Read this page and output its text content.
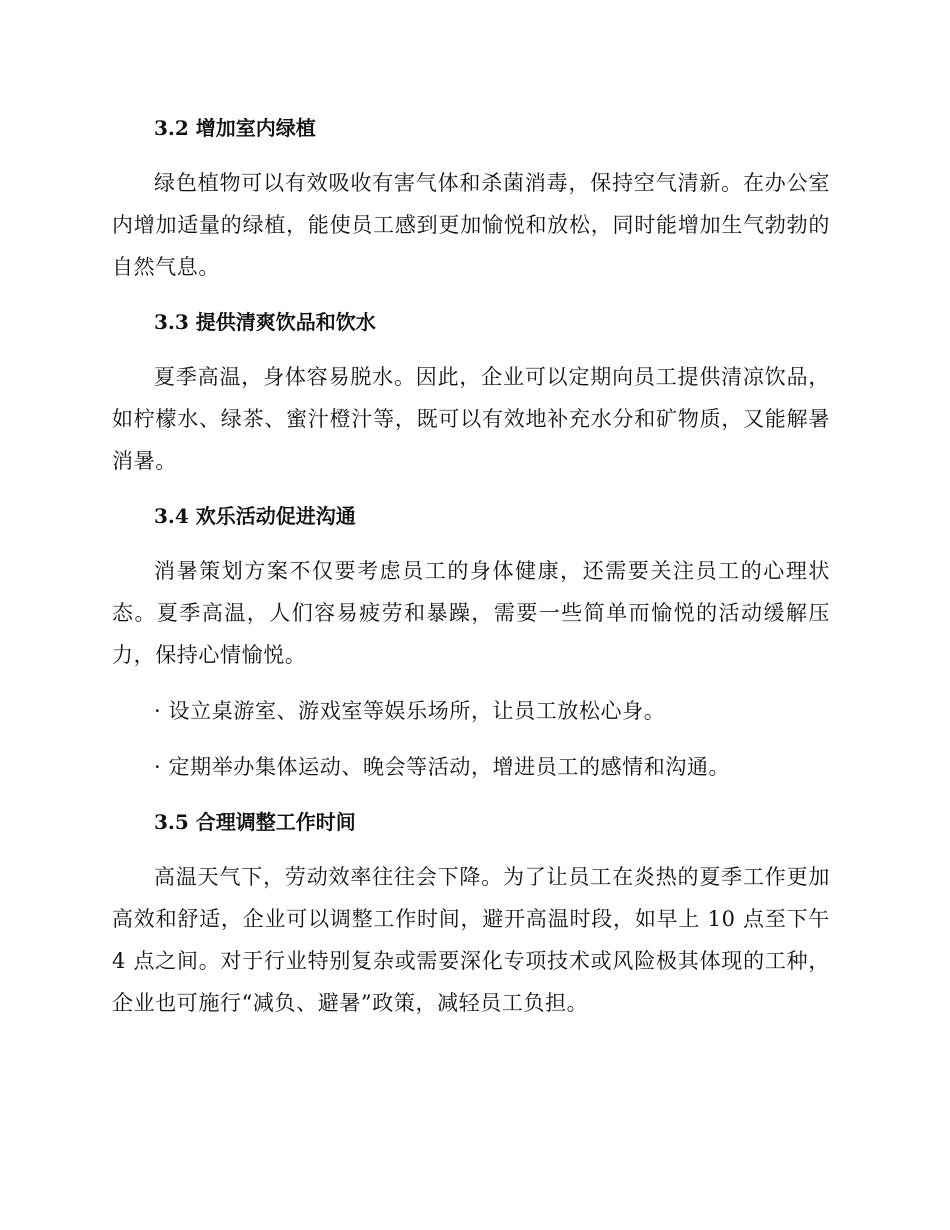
3.2 增加室内绿植

绿色植物可以有效吸收有害气体和杀菌消毒，保持空气清新。在办公室内增加适量的绿植，能使员工感到更加愉悦和放松，同时能增加生气勃勃的自然气息。

3.3 提供清爽饮品和饮水

夏季高温，身体容易脱水。因此，企业可以定期向员工提供清凉饮品，如柠檬水、绿茶、蜜汁橙汁等，既可以有效地补充水分和矿物质，又能解暑消暑。

3.4 欢乐活动促进沟通

消暑策划方案不仅要考虑员工的身体健康，还需要关注员工的心理状态。夏季高温，人们容易疲劳和暴躁，需要一些简单而愉悦的活动缓解压力，保持心情愉悦。

· 设立桌游室、游戏室等娱乐场所，让员工放松心身。
· 定期举办集体运动、晚会等活动，增进员工的感情和沟通。
3.5 合理调整工作时间

高温天气下，劳动效率往往会下降。为了让员工在炎热的夏季工作更加高效和舒适，企业可以调整工作时间，避开高温时段，如早上 10 点至下午 4 点之间。对于行业特别复杂或需要深化专项技术或风险极其体现的工种，企业也可施行“减负、避暑”政策，减轻员工负担。
